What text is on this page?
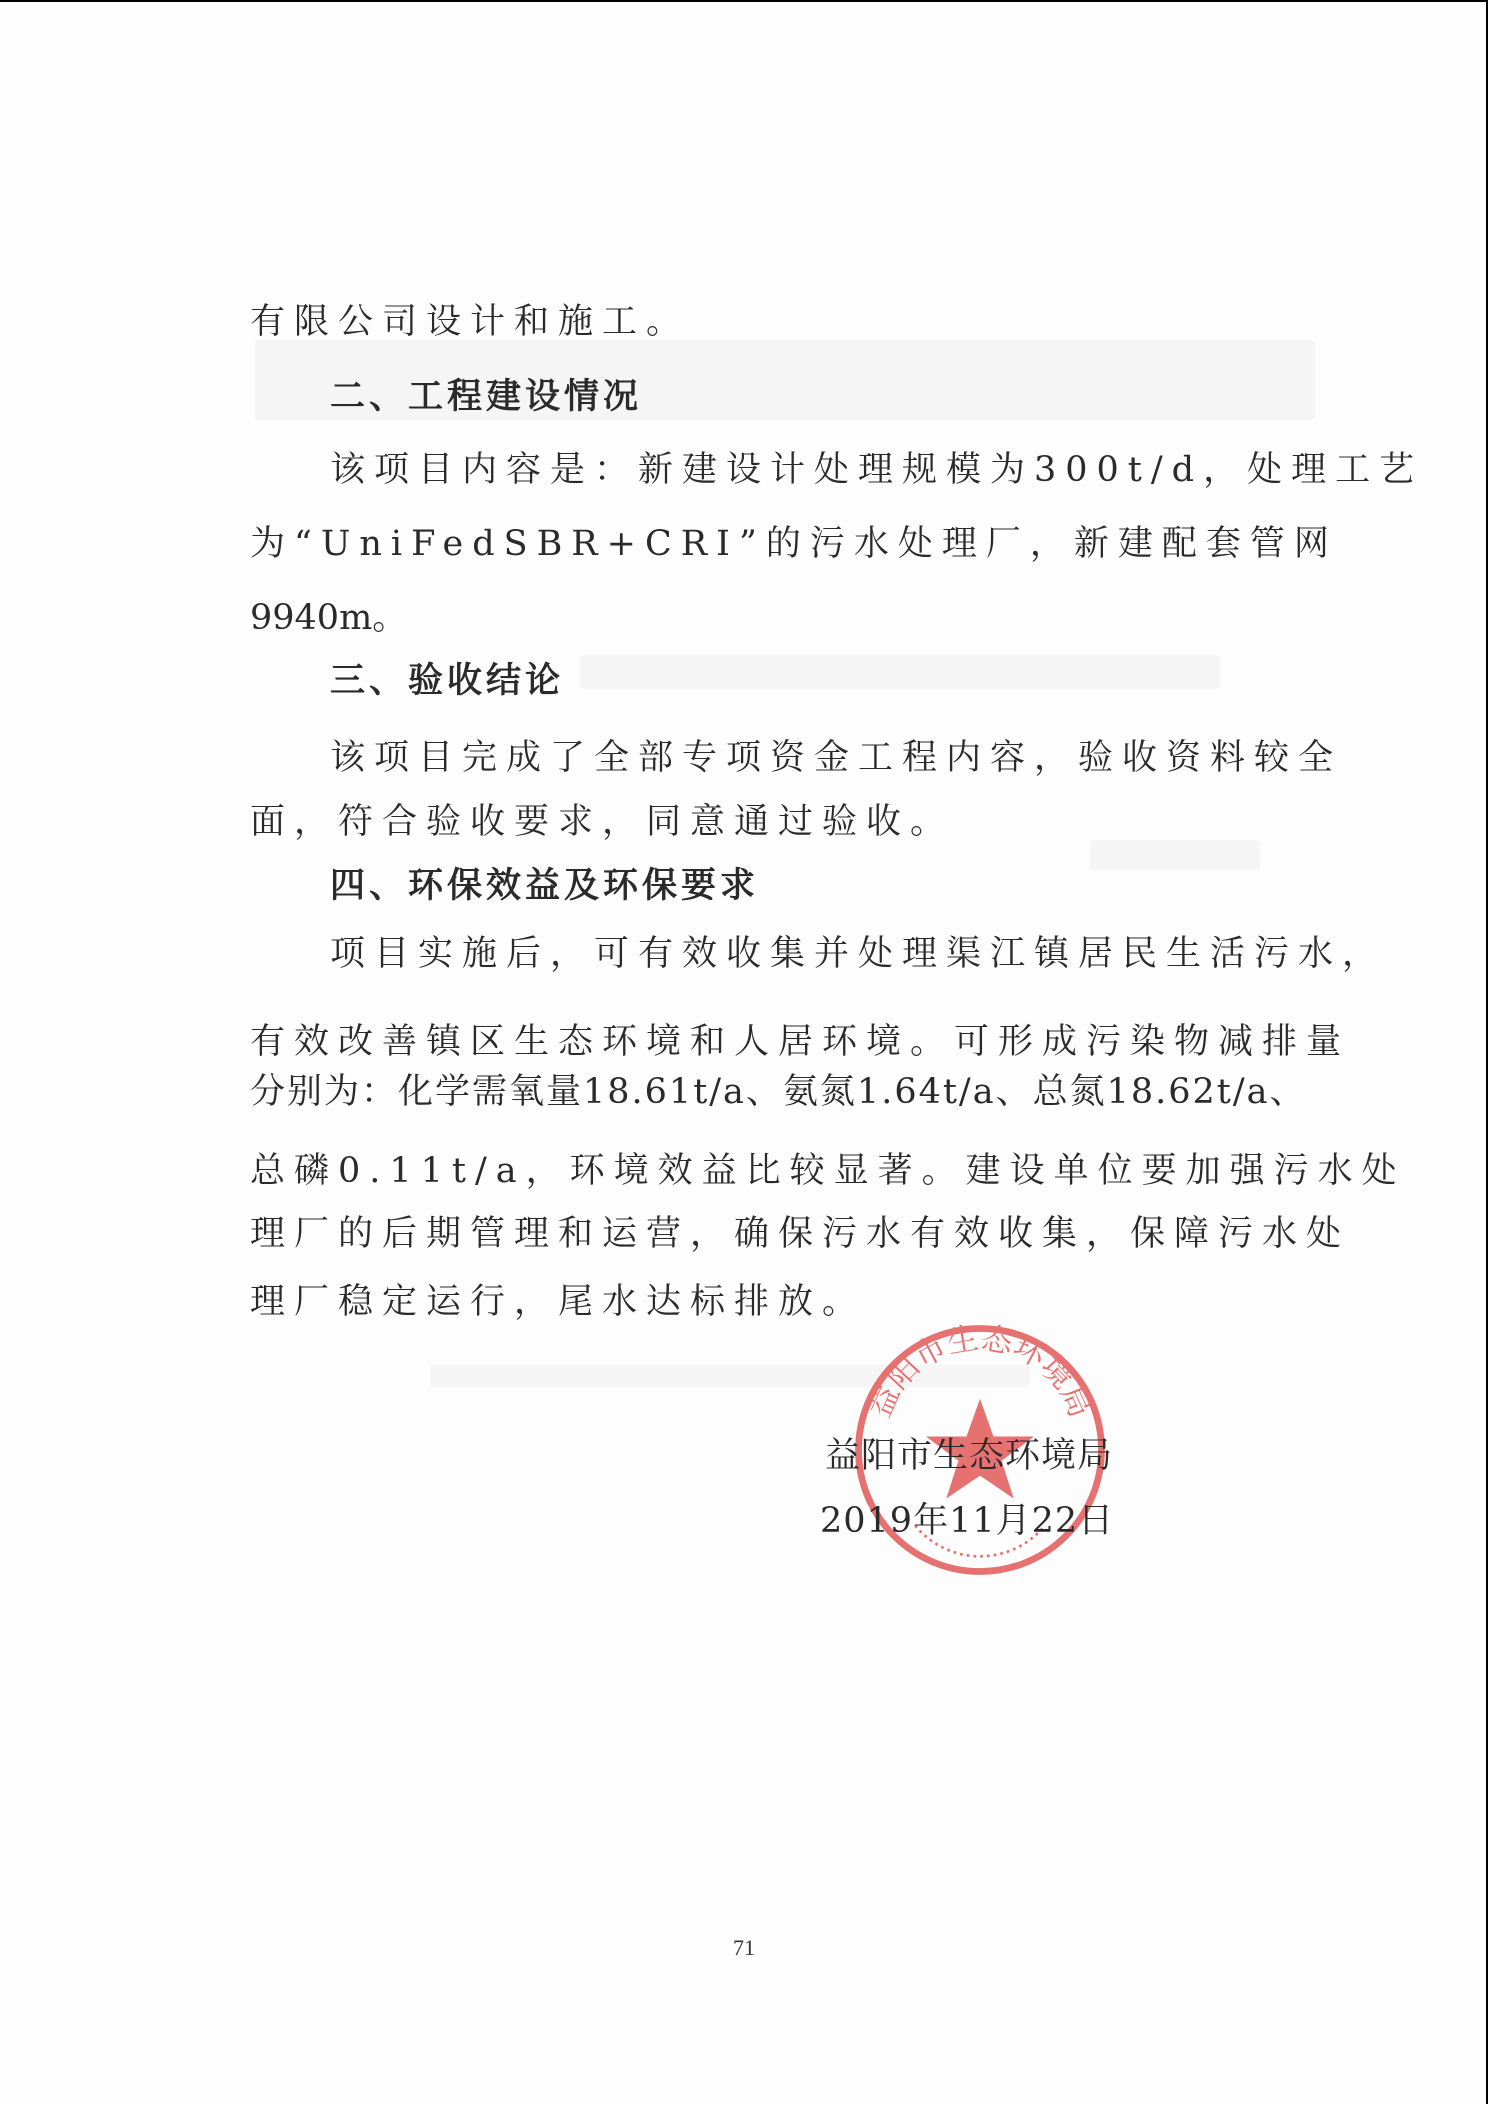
有限公司设计和施工。
二、工程建设情况
该项目内容是：新建设计处理规模为300t/d，处理工艺
为“UniFedSBR+CRI”的污水处理厂，新建配套管网
9940m。
三、验收结论
该项目完成了全部专项资金工程内容，验收资料较全
面，符合验收要求，同意通过验收。
四、环保效益及环保要求
项目实施后，可有效收集并处理渠江镇居民生活污水，
有效改善镇区生态环境和人居环境。可形成污染物减排量
分别为：化学需氧量18.61t/a、氨氮1.64t/a、总氮18.62t/a、
总磷0.11t/a，环境效益比较显著。建设单位要加强污水处
理厂的后期管理和运营，确保污水有效收集，保障污水处
理厂稳定运行，尾水达标排放。
益阳市生态环境局
益阳市生态环境局
2019年11月22日
71
